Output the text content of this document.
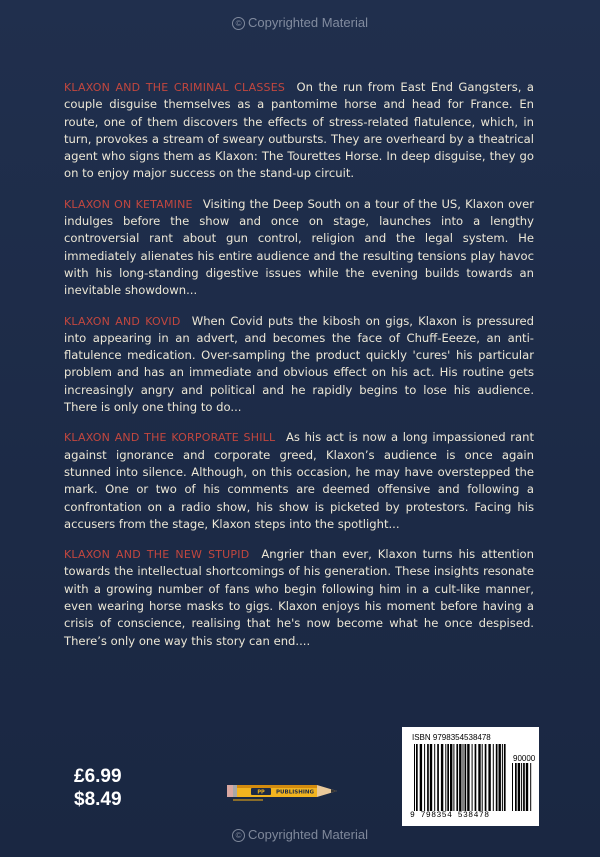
© Copyrighted Material

KLAXON AND THE CRIMINAL CLASSES On the run from East End Gangsters, a couple disguise themselves as a pantomime horse and head for France. En route, one of them discovers the effects of stress-related flatulence, which, in turn, provokes a stream of sweary outbursts. They are overheard by a theatrical agent who signs them as Klaxon: The Tourettes Horse. In deep disguise, they go on to enjoy major success on the stand-up circuit.

KLAXON ON KETAMINE Visiting the Deep South on a tour of the US, Klaxon over indulges before the show and once on stage, launches into a lengthy controversial rant about gun control, religion and the legal system. He immediately alienates his entire audience and the resulting tensions play havoc with his long-standing digestive issues while the evening builds towards an inevitable showdown...

KLAXON AND KOVID When Covid puts the kibosh on gigs, Klaxon is pressured into appearing in an advert, and becomes the face of Chuff-Eeeze, an anti-flatulence medication. Over-sampling the product quickly 'cures' his particular problem and has an immediate and obvious effect on his act. His routine gets increasingly angry and political and he rapidly begins to lose his audience. There is only one thing to do...

KLAXON AND THE KORPORATE SHILL As his act is now a long impassioned rant against ignorance and corporate greed, Klaxon’s audience is once again stunned into silence. Although, on this occasion, he may have overstepped the mark. One or two of his comments are deemed offensive and following a confrontation on a radio show, his show is picketed by protestors. Facing his accusers from the stage, Klaxon steps into the spotlight...

KLAXON AND THE NEW STUPID Angrier than ever, Klaxon turns his attention towards the intellectual shortcomings of his generation. These insights resonate with a growing number of fans who begin following him in a cult-like manner, even wearing horse masks to gigs. Klaxon enjoys his moment before having a crisis of conscience, realising that he's now become what he once despised. There’s only one way this story can end....

£6.99
$8.49	PP PUBLISHING
ISBN 9798354538478
90000
9 798354 538478
© Copyrighted Material
